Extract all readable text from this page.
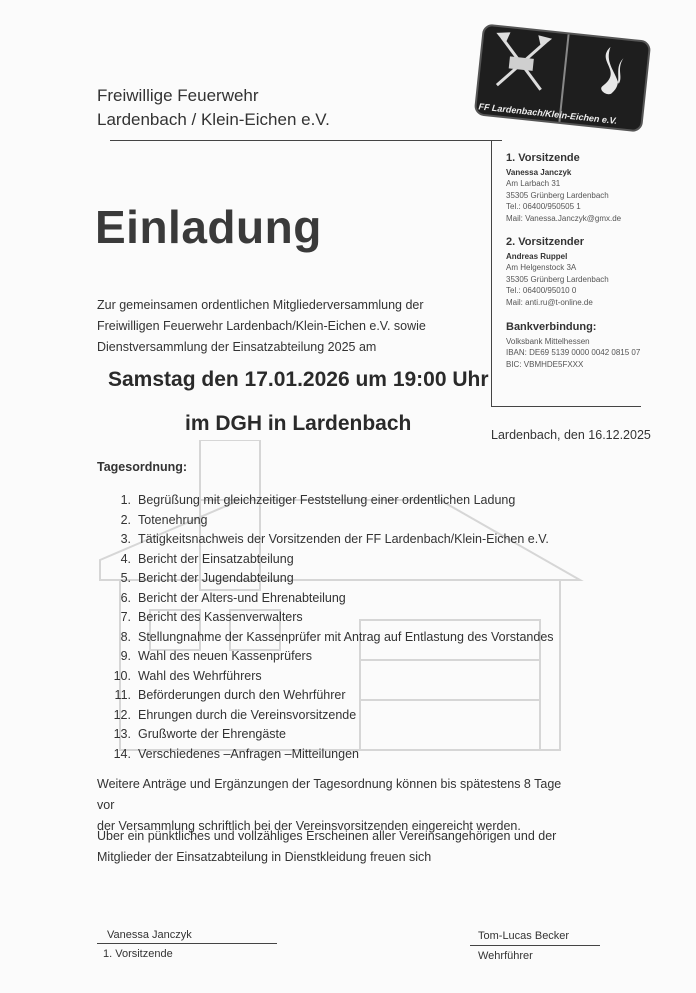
Freiwillige Feuerwehr
Lardenbach / Klein-Eichen e.V.	FF Lardenbach/Klein-Eichen e.V.
1. Vorsitzende
Vanessa Janczyk
Am Larbach 31
35305 Grünberg Lardenbach
Tel.: 06400/950505 1
Mail: Vanessa.Janczyk@gmx.de
2. Vorsitzender
Andreas Ruppel
Am Helgenstock 3A
35305 Grünberg Lardenbach
Tel.: 06400/95010 0
Mail: anti.ru@t-online.de
Bankverbindung:
Volksbank Mittelhessen
IBAN: DE69 5139 0000 0042 0815 07
BIC: VBMHDE5FXXX
Einladung
Zur gemeinsamen ordentlichen Mitgliederversammlung der
Freiwilligen Feuerwehr Lardenbach/Klein-Eichen e.V. sowie
Dienstversammlung der Einsatzabteilung 2025 am
Samstag den 17.01.2026 um 19:00 Uhr
im DGH in Lardenbach	Lardenbach, den 16.12.2025
Tagesordnung:
1. Begrüßung mit gleichzeitiger Feststellung einer ordentlichen Ladung
2. Totenehrung
3. Tätigkeitsnachweis der Vorsitzenden der FF Lardenbach/Klein-Eichen e.V.
4. Bericht der Einsatzabteilung
5. Bericht der Jugendabteilung
6. Bericht der Alters-und Ehrenabteilung
7. Bericht des Kassenverwalters
8. Stellungnahme der Kassenprüfer mit Antrag auf Entlastung des Vorstandes
9. Wahl des neuen Kassenprüfers
10. Wahl des Wehrführers
11. Beförderungen durch den Wehrführer
12. Ehrungen durch die Vereinsvorsitzende
13. Grußworte der Ehrengäste
14. Verschiedenes –Anfragen –Mitteilungen
Weitere Anträge und Ergänzungen der Tagesordnung können bis spätestens 8 Tage vor
der Versammlung schriftlich bei der Vereinsvorsitzenden eingereicht werden.
Über ein pünktliches und vollzähliges Erscheinen aller Vereinsangehörigen und der
Mitglieder der Einsatzabteilung in Dienstkleidung freuen sich
Vanessa Janczyk
1. Vorsitzende
Tom-Lucas Becker
Wehrführer
